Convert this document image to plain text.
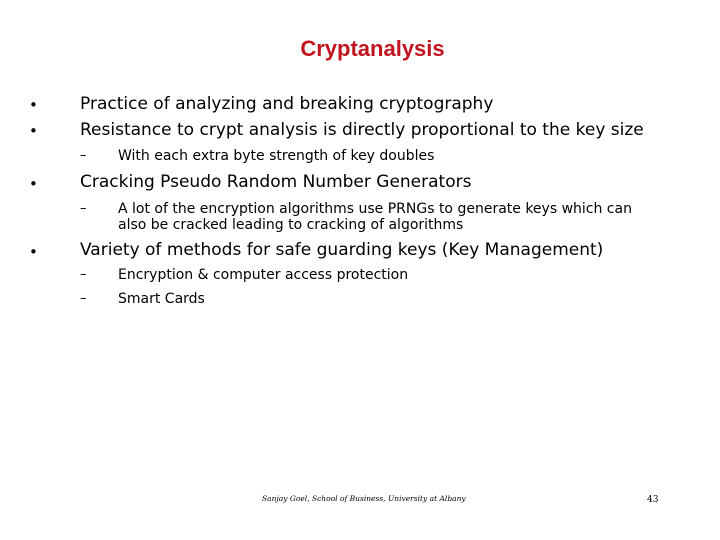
Cryptanalysis
• Practice of analyzing and breaking cryptography
• Resistance to crypt analysis is directly proportional to the key size
– With each extra byte strength of key doubles
• Cracking Pseudo Random Number Generators
– A lot of the encryption algorithms use PRNGs to generate keys which can
also be cracked leading to cracking of algorithms
• Variety of methods for safe guarding keys (Key Management)
– Encryption & computer access protection
– Smart Cards
Sanjay Goel, School of Business, University at Albany	43
